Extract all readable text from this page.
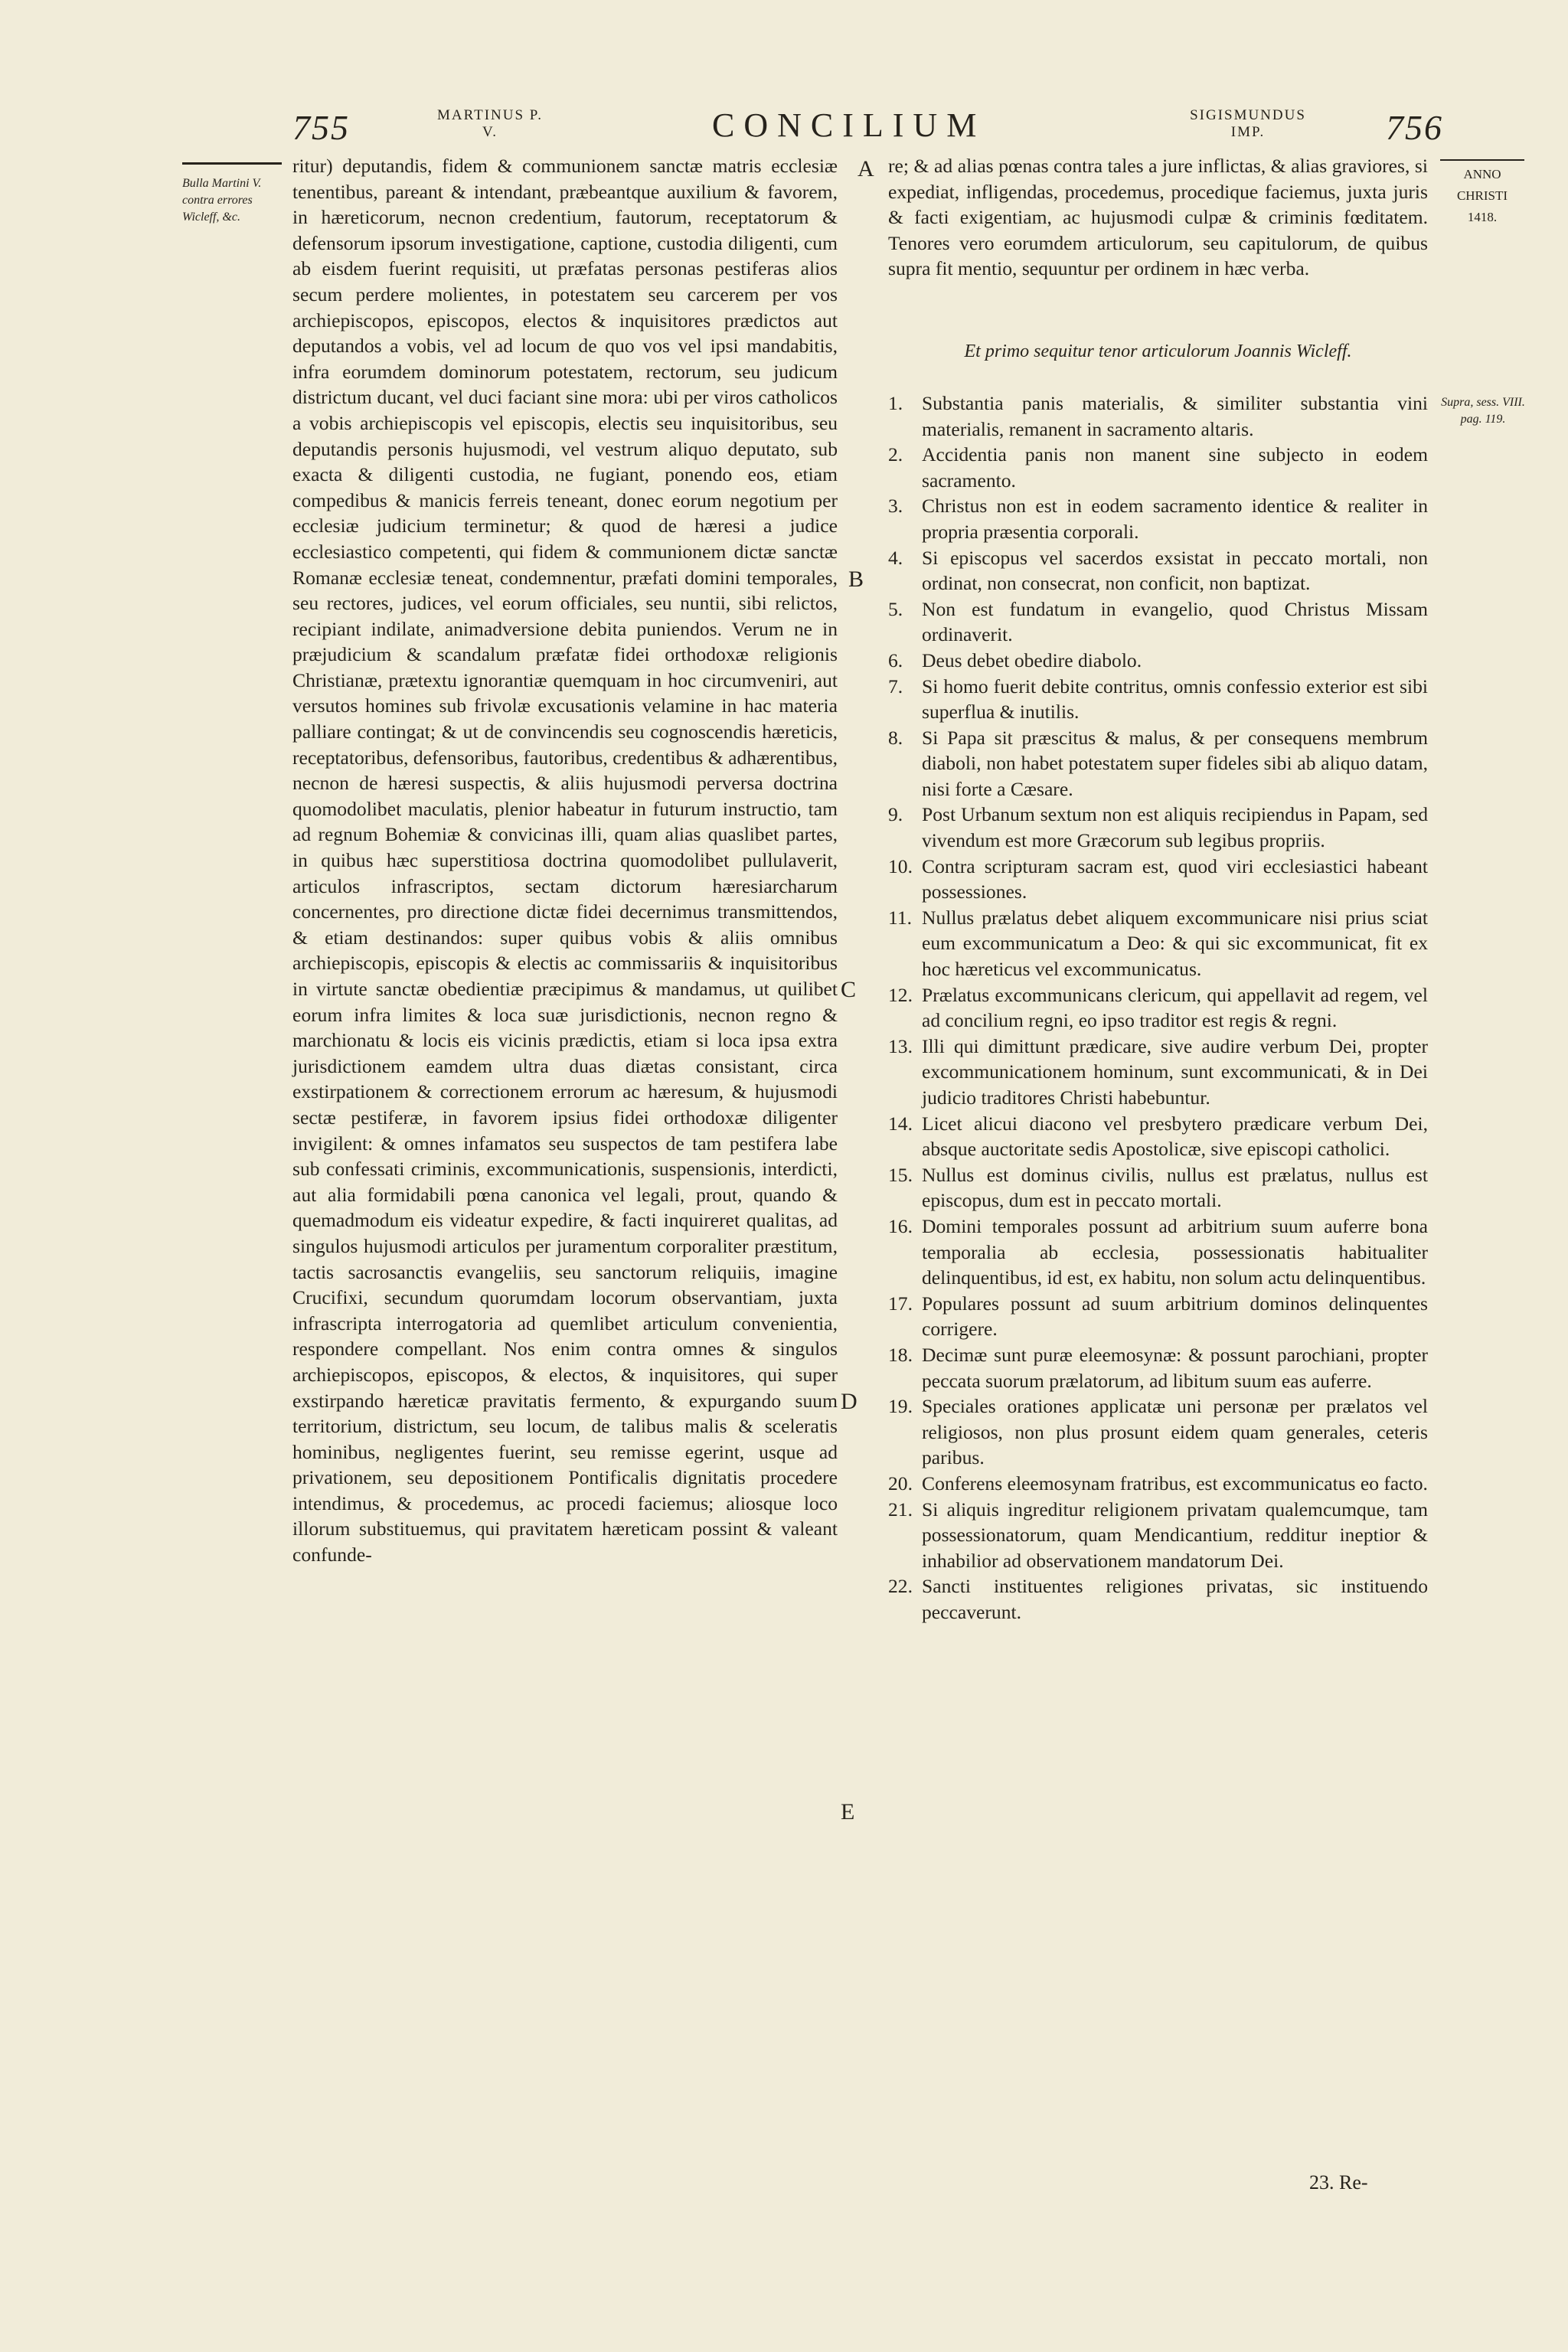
755	MARTINUS P. V.	CONCILIUM	SIGISMUNDUS IMP.	756
Bulla Martini V. contra errores Wicleff, &c.
ANNO
CHRISTI
1418.
Supra, sess. VIII. pag. 119.
A
B
C
D
E

ritur) deputandis, fidem & communionem sanctæ matris ecclesiæ tenentibus, pareant & intendant, præbeantque auxilium & favorem, in hæreticorum, necnon credentium, fautorum, receptatorum & defensorum ipsorum investigatione, captione, custodia diligenti, cum ab eisdem fuerint requisiti, ut præfatas personas pestiferas alios secum perdere molientes, in potestatem seu carcerem per vos archiepiscopos, episcopos, electos & inquisitores prædictos aut deputandos a vobis, vel ad locum de quo vos vel ipsi mandabitis, infra eorumdem dominorum potestatem, rectorum, seu judicum districtum ducant, vel duci faciant sine mora: ubi per viros catholicos a vobis archiepiscopis vel episcopis, electis seu inquisitoribus, seu deputandis personis hujusmodi, vel vestrum aliquo deputato, sub exacta & diligenti custodia, ne fugiant, ponendo eos, etiam compedibus & manicis ferreis teneant, donec eorum negotium per ecclesiæ judicium terminetur; & quod de hæresi a judice ecclesiastico competenti, qui fidem & communionem dictæ sanctæ Romanæ ecclesiæ teneat, condemnentur, præfati domini temporales, seu rectores, judices, vel eorum officiales, seu nuntii, sibi relictos, recipiant indilate, animadversione debita puniendos. Verum ne in præjudicium & scandalum præfatæ fidei orthodoxæ religionis Christianæ, prætextu ignorantiæ quemquam in hoc circumveniri, aut versutos homines sub frivolæ excusationis velamine in hac materia palliare contingat; & ut de convincendis seu cognoscendis hæreticis, receptatoribus, defensoribus, fautoribus, credentibus & adhærentibus, necnon de hæresi suspectis, & aliis hujusmodi perversa doctrina quomodolibet maculatis, plenior habeatur in futurum instructio, tam ad regnum Bohemiæ & convicinas illi, quam alias quaslibet partes, in quibus hæc superstitiosa doctrina quomodolibet pullulaverit, articulos infrascriptos, sectam dictorum hæresiarcharum concernentes, pro directione dictæ fidei decernimus transmittendos, & etiam destinandos: super quibus vobis & aliis omnibus archiepiscopis, episcopis & electis ac commissariis & inquisitoribus in virtute sanctæ obedientiæ præcipimus & mandamus, ut quilibet eorum infra limites & loca suæ jurisdictionis, necnon regno & marchionatu & locis eis vicinis prædictis, etiam si loca ipsa extra jurisdictionem eamdem ultra duas diætas consistant, circa exstirpationem & correctionem errorum ac hæresum, & hujusmodi sectæ pestiferæ, in favorem ipsius fidei orthodoxæ diligenter invigilent: & omnes infamatos seu suspectos de tam pestifera labe sub confessati criminis, excommunicationis, suspensionis, interdicti, aut alia formidabili pœna canonica vel legali, prout, quando & quemadmodum eis videatur expedire, & facti inquireret qualitas, ad singulos hujusmodi articulos per juramentum corporaliter præstitum, tactis sacrosanctis evangeliis, seu sanctorum reliquiis, imagine Crucifixi, secundum quorumdam locorum observantiam, juxta infrascripta interrogatoria ad quemlibet articulum convenientia, respondere compellant. Nos enim contra omnes & singulos archiepiscopos, episcopos, & electos, & inquisitores, qui super exstirpando hæreticæ pravitatis fermento, & expurgando suum territorium, districtum, seu locum, de talibus malis & sceleratis hominibus, negligentes fuerint, seu remisse egerint, usque ad privationem, seu depositionem Pontificalis dignitatis procedere intendimus, & procedemus, ac procedi faciemus; aliosque loco illorum substituemus, qui pravitatem hæreticam possint & valeant confunde-

re; & ad alias pœnas contra tales a jure inflictas, & alias graviores, si expediat, infligendas, procedemus, procedique faciemus, juxta juris & facti exigentiam, ac hujusmodi culpæ & criminis fœditatem. Tenores vero eorumdem articulorum, seu capitulorum, de quibus supra fit mentio, sequuntur per ordinem in hæc verba.

Et primo sequitur tenor articulorum Joannis Wicleff.
1. Substantia panis materialis, & similiter substantia vini materialis, remanent in sacramento altaris.
2. Accidentia panis non manent sine subjecto in eodem sacramento.
3. Christus non est in eodem sacramento identice & realiter in propria præsentia corporali.
4. Si episcopus vel sacerdos exsistat in peccato mortali, non ordinat, non consecrat, non conficit, non baptizat.
5. Non est fundatum in evangelio, quod Christus Missam ordinaverit.
6. Deus debet obedire diabolo.
7. Si homo fuerit debite contritus, omnis confessio exterior est sibi superflua & inutilis.
8. Si Papa sit præscitus & malus, & per consequens membrum diaboli, non habet potestatem super fideles sibi ab aliquo datam, nisi forte a Cæsare.
9. Post Urbanum sextum non est aliquis recipiendus in Papam, sed vivendum est more Græcorum sub legibus propriis.
10. Contra scripturam sacram est, quod viri ecclesiastici habeant possessiones.
11. Nullus prælatus debet aliquem excommunicare nisi prius sciat eum excommunicatum a Deo: & qui sic excommunicat, fit ex hoc hæreticus vel excommunicatus.
12. Prælatus excommunicans clericum, qui appellavit ad regem, vel ad concilium regni, eo ipso traditor est regis & regni.
13. Illi qui dimittunt prædicare, sive audire verbum Dei, propter excommunicationem hominum, sunt excommunicati, & in Dei judicio traditores Christi habebuntur.
14. Licet alicui diacono vel presbytero prædicare verbum Dei, absque auctoritate sedis Apostolicæ, sive episcopi catholici.
15. Nullus est dominus civilis, nullus est prælatus, nullus est episcopus, dum est in peccato mortali.
16. Domini temporales possunt ad arbitrium suum auferre bona temporalia ab ecclesia, possessionatis habitualiter delinquentibus, id est, ex habitu, non solum actu delinquentibus.
17. Populares possunt ad suum arbitrium dominos delinquentes corrigere.
18. Decimæ sunt puræ eleemosynæ: & possunt parochiani, propter peccata suorum prælatorum, ad libitum suum eas auferre.
19. Speciales orationes applicatæ uni personæ per prælatos vel religiosos, non plus prosunt eidem quam generales, ceteris paribus.
20. Conferens eleemosynam fratribus, est excommunicatus eo facto.
21. Si aliquis ingreditur religionem privatam qualemcumque, tam possessionatorum, quam Mendicantium, redditur ineptior & inhabilior ad observationem mandatorum Dei.
22. Sancti instituentes religiones privatas, sic instituendo peccaverunt.
23. Re-
